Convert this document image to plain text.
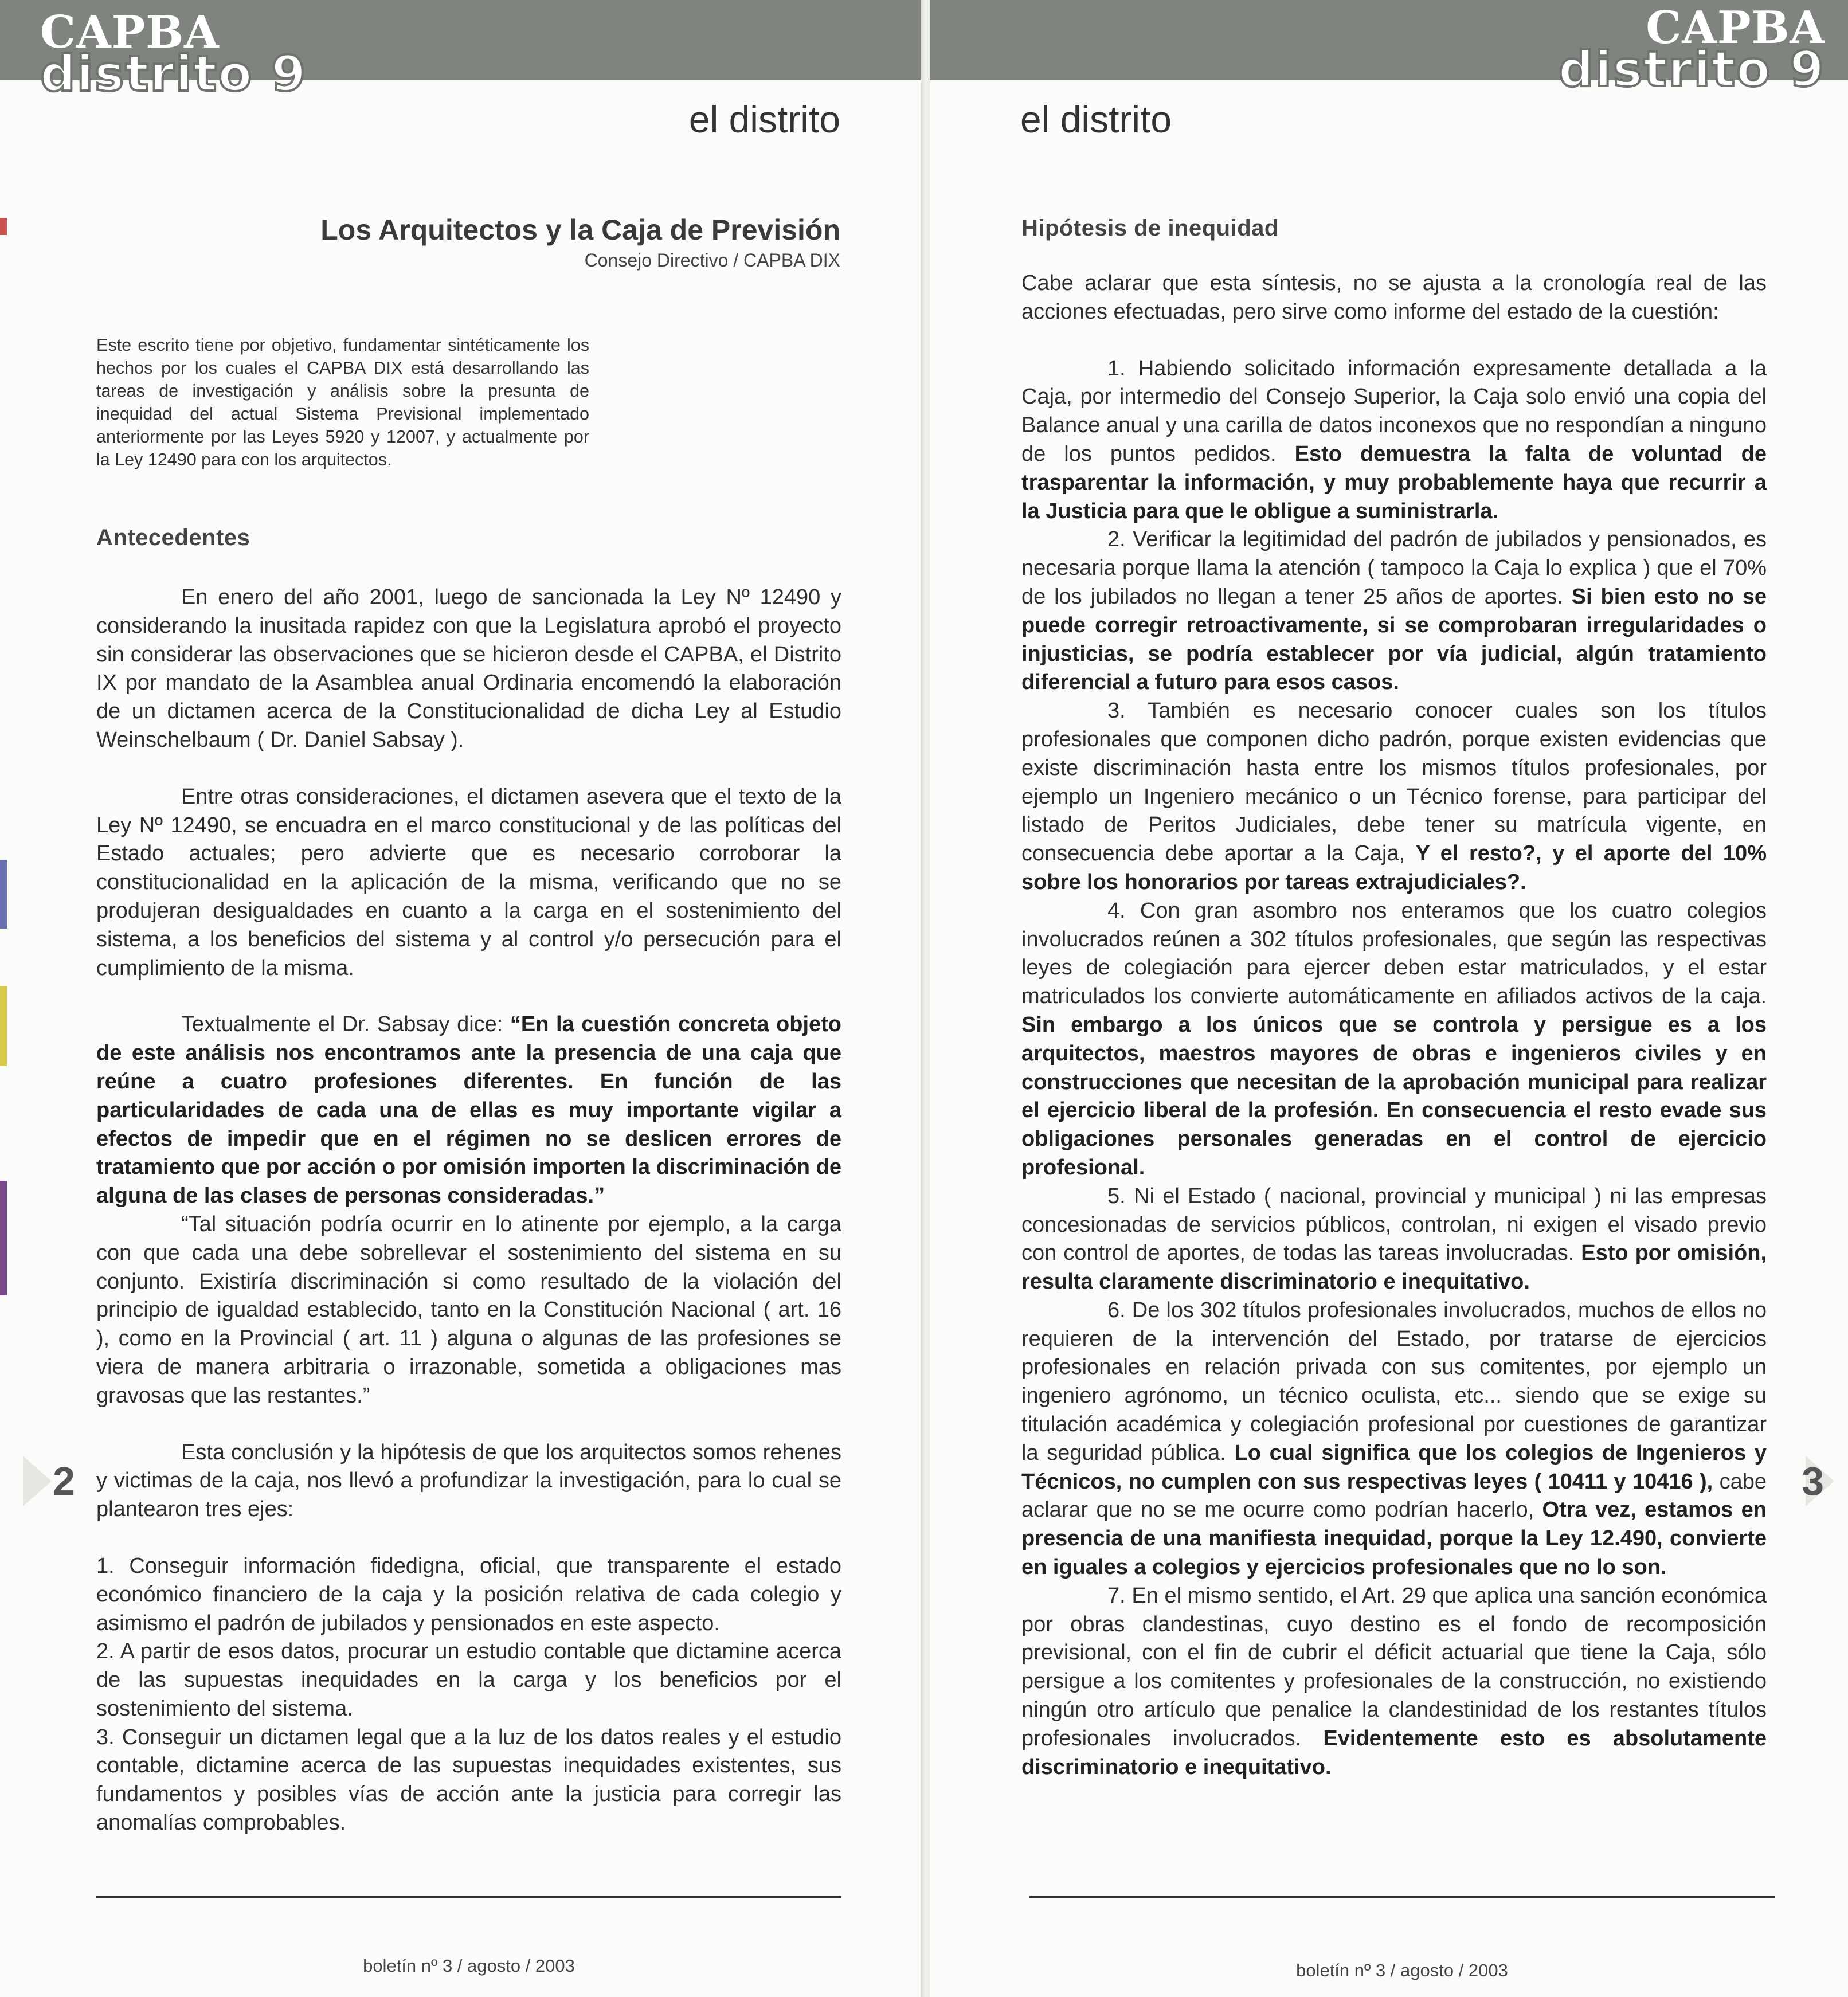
CAPBA
distrito 9
el distrito
Los Arquitectos y la Caja de Previsión
Consejo Directivo / CAPBA DIX
Este escrito tiene por objetivo, fundamentar sintéticamente los hechos por los cuales el CAPBA DIX está desarrollando las tareas de investigación y análisis sobre la presunta de inequidad del actual Sistema Previsional implementado anteriormente por las Leyes 5920 y 12007, y actualmente por la Ley 12490 para con los arquitectos.
Antecedentes

En enero del año 2001, luego de sancionada la Ley Nº 12490 y considerando la inusitada rapidez con que la Legislatura aprobó el proyecto sin considerar las observaciones que se hicieron desde el CAPBA, el Distrito IX por mandato de la Asamblea anual Ordinaria encomendó la elaboración de un dictamen acerca de la Constitucionalidad de dicha Ley al Estudio Weinschelbaum ( Dr. Daniel Sabsay ).

Entre otras consideraciones, el dictamen asevera que el texto de la Ley Nº 12490, se encuadra en el marco constitucional y de las políticas del Estado actuales; pero advierte que es necesario corroborar la constitucionalidad en la aplicación de la misma, verificando que no se produjeran desigualdades en cuanto a la carga en el sostenimiento del sistema, a los beneficios del sistema y al control y/o persecución para el cumplimiento de la misma.

Textualmente el Dr. Sabsay dice: “En la cuestión concreta objeto de este análisis nos encontramos ante la presencia de una caja que reúne a cuatro profesiones diferentes. En función de las particularidades de cada una de ellas es muy importante vigilar a efectos de impedir que en el régimen no se deslicen errores de tratamiento que por acción o por omisión importen la discriminación de alguna de las clases de personas consideradas.”

“Tal situación podría ocurrir en lo atinente por ejemplo, a la carga con que cada una debe sobrellevar el sostenimiento del sistema en su conjunto. Existiría discriminación si como resultado de la violación del principio de igualdad establecido, tanto en la Constitución Nacional ( art. 16 ), como en la Provincial ( art. 11 ) alguna o algunas de las profesiones se viera de manera arbitraria o irrazonable, sometida a obligaciones mas gravosas que las restantes.”

Esta conclusión y la hipótesis de que los arquitectos somos rehenes y victimas de la caja, nos llevó a profundizar la investigación, para lo cual se plantearon tres ejes:

1. Conseguir información fidedigna, oficial, que transparente el estado económico financiero de la caja y la posición relativa de cada colegio y asimismo el padrón de jubilados y pensionados en este aspecto.

2. A partir de esos datos, procurar un estudio contable que dictamine acerca de las supuestas inequidades en la carga y los beneficios por el sostenimiento del sistema.

3. Conseguir un dictamen legal que a la luz de los datos reales y el estudio contable, dictamine acerca de las supuestas inequidades existentes, sus fundamentos y posibles vías de acción ante la justicia para corregir las anomalías comprobables.

2
boletín nº 3 / agosto / 2003
CAPBA
distrito 9
el distrito
Hipótesis de inequidad

Cabe aclarar que esta síntesis, no se ajusta a la cronología real de las acciones efectuadas, pero sirve como informe del estado de la cuestión:

1. Habiendo solicitado información expresamente detallada a la Caja, por intermedio del Consejo Superior, la Caja solo envió una copia del Balance anual y una carilla de datos inconexos que no respondían a ninguno de los puntos pedidos. Esto demuestra la falta de voluntad de trasparentar la información, y muy probablemente haya que recurrir a la Justicia para que le obligue a suministrarla.

2. Verificar la legitimidad del padrón de jubilados y pensionados, es necesaria porque llama la atención ( tampoco la Caja lo explica ) que el 70% de los jubilados no llegan a tener 25 años de aportes. Si bien esto no se puede corregir retroactivamente, si se comprobaran irregularidades o injusticias, se podría establecer por vía judicial, algún tratamiento diferencial a futuro para esos casos.

3. También es necesario conocer cuales son los títulos profesionales que componen dicho padrón, porque existen evidencias que existe discriminación hasta entre los mismos títulos profesionales, por ejemplo un Ingeniero mecánico o un Técnico forense, para participar del listado de Peritos Judiciales, debe tener su matrícula vigente, en consecuencia debe aportar a la Caja, Y el resto?, y el aporte del 10% sobre los honorarios por tareas extrajudiciales?.

4. Con gran asombro nos enteramos que los cuatro colegios involucrados reúnen a 302 títulos profesionales, que según las respectivas leyes de colegiación para ejercer deben estar matriculados, y el estar matriculados los convierte automáticamente en afiliados activos de la caja. Sin embargo a los únicos que se controla y persigue es a los arquitectos, maestros mayores de obras e ingenieros civiles y en construcciones que necesitan de la aprobación municipal para realizar el ejercicio liberal de la profesión. En consecuencia el resto evade sus obligaciones personales generadas en el control de ejercicio profesional.

5. Ni el Estado ( nacional, provincial y municipal ) ni las empresas concesionadas de servicios públicos, controlan, ni exigen el visado previo con control de aportes, de todas las tareas involucradas. Esto por omisión, resulta claramente discriminatorio e inequitativo.

6. De los 302 títulos profesionales involucrados, muchos de ellos no requieren de la intervención del Estado, por tratarse de ejercicios profesionales en relación privada con sus comitentes, por ejemplo un ingeniero agrónomo, un técnico oculista, etc... siendo que se exige su titulación académica y colegiación profesional por cuestiones de garantizar la seguridad pública. Lo cual significa que los colegios de Ingenieros y Técnicos, no cumplen con sus respectivas leyes ( 10411 y 10416 ), cabe aclarar que no se me ocurre como podrían hacerlo, Otra vez, estamos en presencia de una manifiesta inequidad, porque la Ley 12.490, convierte en iguales a colegios y ejercicios profesionales que no lo son.

7. En el mismo sentido, el Art. 29 que aplica una sanción económica por obras clandestinas, cuyo destino es el fondo de recomposición previsional, con el fin de cubrir el déficit actuarial que tiene la Caja, sólo persigue a los comitentes y profesionales de la construcción, no existiendo ningún otro artículo que penalice la clandestinidad de los restantes títulos profesionales involucrados. Evidentemente esto es absolutamente discriminatorio e inequitativo.

3
boletín nº 3 / agosto / 2003
